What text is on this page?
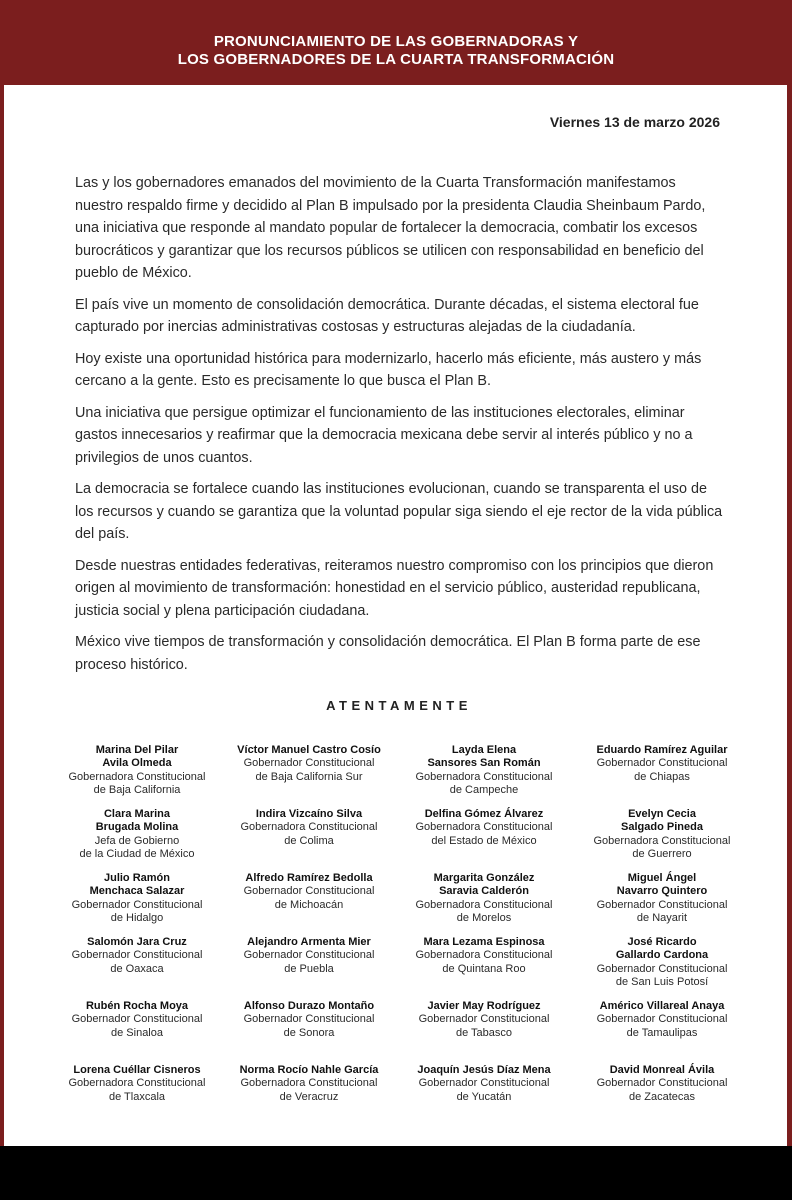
PRONUNCIAMIENTO DE LAS GOBERNADORAS Y
LOS GOBERNADORES DE LA CUARTA TRANSFORMACIÓN
Viernes 13 de marzo 2026

Las y los gobernadores emanados del movimiento de la Cuarta Transformación manifestamos nuestro respaldo firme y decidido al Plan B impulsado por la presidenta Claudia Sheinbaum Pardo, una iniciativa que responde al mandato popular de fortalecer la democracia, combatir los excesos burocráticos y garantizar que los recursos públicos se utilicen con responsabilidad en beneficio del pueblo de México.

El país vive un momento de consolidación democrática. Durante décadas, el sistema electoral fue capturado por inercias administrativas costosas y estructuras alejadas de la ciudadanía.

Hoy existe una oportunidad histórica para modernizarlo, hacerlo más eficiente, más austero y más cercano a la gente. Esto es precisamente lo que busca el Plan B.

Una iniciativa que persigue optimizar el funcionamiento de las instituciones electorales, eliminar gastos innecesarios y reafirmar que la democracia mexicana debe servir al interés público y no a privilegios de unos cuantos.

La democracia se fortalece cuando las instituciones evolucionan, cuando se transparenta el uso de los recursos y cuando se garantiza que la voluntad popular siga siendo el eje rector de la vida pública del país.

Desde nuestras entidades federativas, reiteramos nuestro compromiso con los principios que dieron origen al movimiento de transformación: honestidad en el servicio público, austeridad republicana, justicia social y plena participación ciudadana.

México vive tiempos de transformación y consolidación democrática. El Plan B forma parte de ese proceso histórico.

ATENTAMENTE
Marina Del Pilar
Avila Olmeda
Gobernadora Constitucional
de Baja California
Víctor Manuel Castro Cosío
Gobernador Constitucional
de Baja California Sur
Layda Elena
Sansores San Román
Gobernadora Constitucional
de Campeche
Eduardo Ramírez Aguilar
Gobernador Constitucional
de Chiapas
Clara Marina
Brugada Molina
Jefa de Gobierno
de la Ciudad de México
Indira Vizcaíno Silva
Gobernadora Constitucional
de Colima
Delfina Gómez Álvarez
Gobernadora Constitucional
del Estado de México
Evelyn Cecia
Salgado Pineda
Gobernadora Constitucional
de Guerrero
Julio Ramón
Menchaca Salazar
Gobernador Constitucional
de Hidalgo
Alfredo Ramírez Bedolla
Gobernador Constitucional
de Michoacán
Margarita González
Saravia Calderón
Gobernadora Constitucional
de Morelos
Miguel Ángel
Navarro Quintero
Gobernador Constitucional
de Nayarit
Salomón Jara Cruz
Gobernador Constitucional
de Oaxaca
Alejandro Armenta Mier
Gobernador Constitucional
de Puebla
Mara Lezama Espinosa
Gobernadora Constitucional
de Quintana Roo
José Ricardo
Gallardo Cardona
Gobernador Constitucional
de San Luis Potosí
Rubén Rocha Moya
Gobernador Constitucional
de Sinaloa
Alfonso Durazo Montaño
Gobernador Constitucional
de Sonora
Javier May Rodríguez
Gobernador Constitucional
de Tabasco
Américo Villareal Anaya
Gobernador Constitucional
de Tamaulipas
Lorena Cuéllar Cisneros
Gobernadora Constitucional
de Tlaxcala
Norma Rocío Nahle García
Gobernadora Constitucional
de Veracruz
Joaquín Jesús Díaz Mena
Gobernador Constitucional
de Yucatán
David Monreal Ávila
Gobernador Constitucional
de Zacatecas
